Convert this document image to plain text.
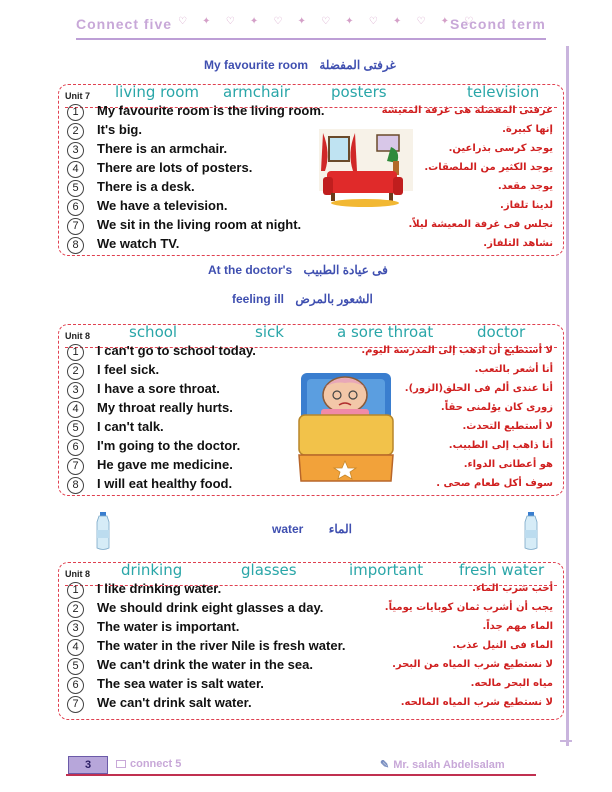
Connect five ♡ ✦ ♡ ✦ ♡ ✦ ♡ ✦ ♡ ✦ ♡ ✦ ♡
Second term
My favourite room غرفتى المفضلة
Unit 7 living room armchair	posters	television
1	My favourite room is the living room.	غرفتى المفضلة هى غرفة المعيشة
2	It's big.	إنها كبيرة.
3	There is an armchair.	يوجد كرسى بذراعين.
4	There are lots of posters.	يوجد الكثير من الملصقات.
5	There is a desk.	يوجد مقعد.
6	We have a television.	لدينا تلفاز.
7	We sit in the living room at night.	نجلس فى غرفة المعيشة ليلاً.
8	We watch TV.	نشاهد التلفاز.
At the doctor's فى عيادة الطبيب
feeling ill الشعور بالمرض
Unit 8	school	sick	a sore throat	doctor
1	I can't go to school today.	لا أستطيع أن اذهب إلى المدرسة اليوم.
2	I feel sick.	أنا أشعر بالتعب.
3	I have a sore throat.	أنا عندى ألم فى الحلق(الزور).
4	My throat really hurts.	زورى كان يؤلمنى حقاً.
5	I can't talk.	لا أستطيع التحدث.
6	I'm going to the doctor.	أنا ذاهب إلى الطبيب.
7	He gave me medicine.	هو أعطانى الدواء.
8	I will eat healthy food.	سوف أكل طعام صحى .
water الماء
Unit 8 drinking	glasses	important fresh water
1	I like drinking water.	أحب شرب الماء.
2	We should drink eight glasses a day.	يجب أن أشرب ثمان كوبايات يومياً.
3	The water is important.	الماء مهم جداً.
4	The water in the river Nile is fresh water.	الماء فى النيل عذب.
5	We can't drink the water in the sea.	لا نستطيع شرب المياه من البحر.
6	The sea water is salt water.	مياه البحر مالحه.
7	We can't drink salt water.	لا نستطيع شرب المياه المالحه.
3	connect 5	✎ Mr. salah Abdelsalam
